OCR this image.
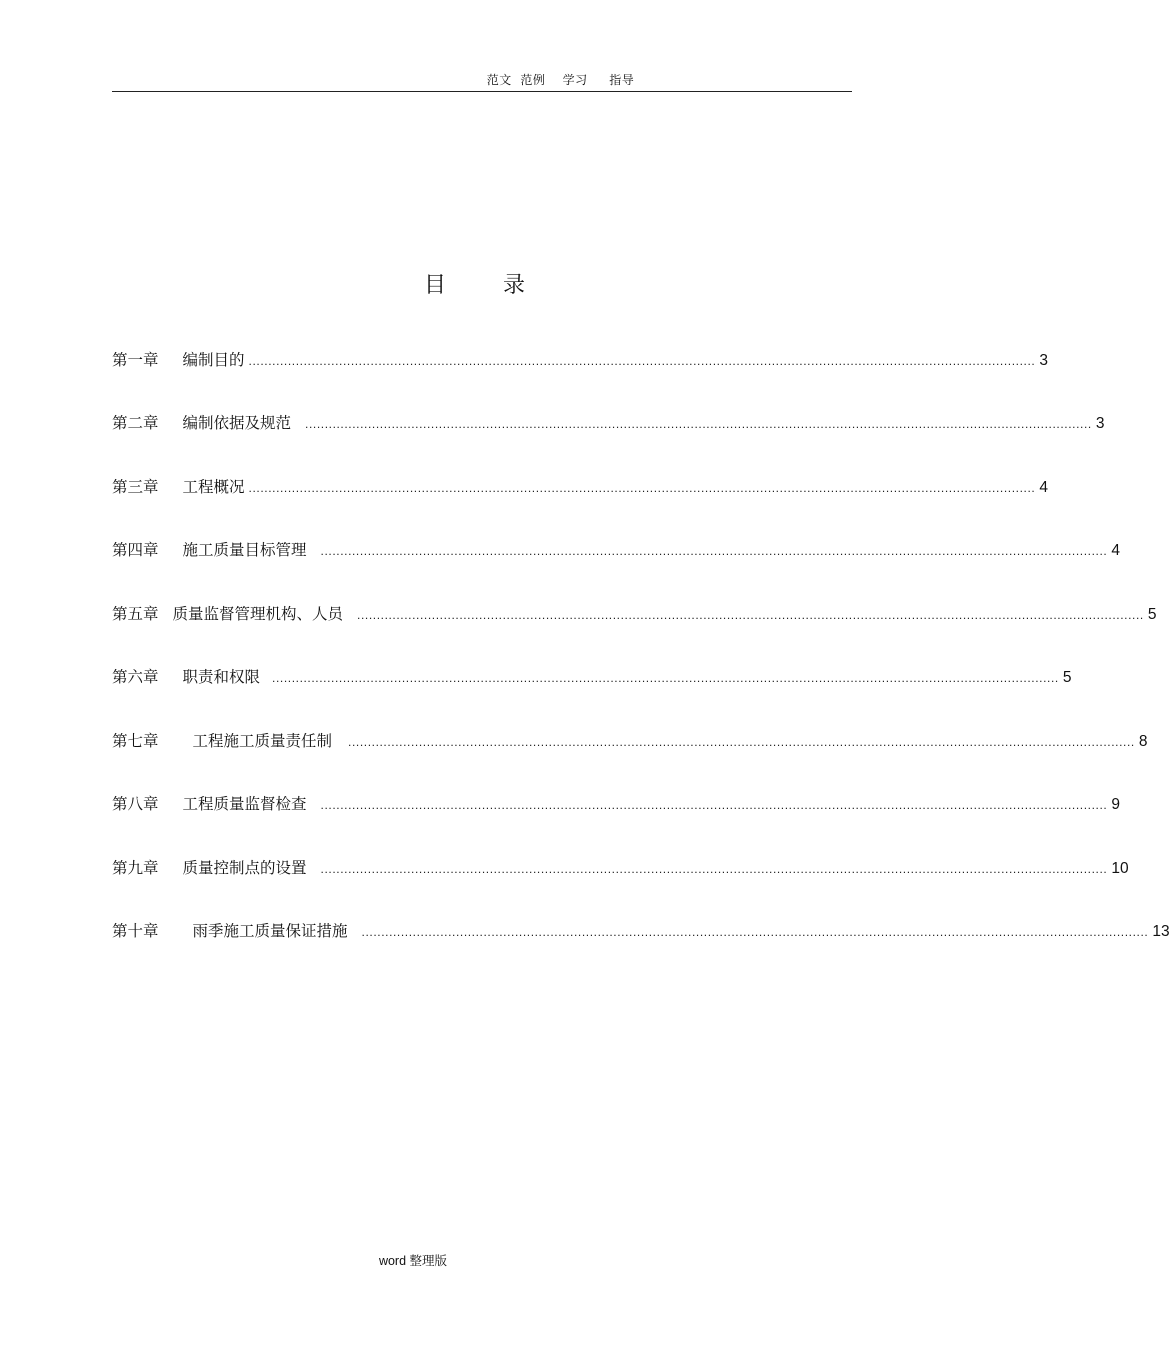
范文  范例    学习     指导
目	录
第一章 编制目的 ........................................................................................................................................................................................................ 3
第二章 编制依据及规范 ........................................................................................................................................................................................................ 3
第三章 工程概况 ........................................................................................................................................................................................................ 4
第四章 施工质量目标管理 ........................................................................................................................................................................................................ 4
第五章 质量监督管理机构、人员 ........................................................................................................................................................................................................ 5
第六章 职责和权限 ........................................................................................................................................................................................................ 5
第七章 工程施工质量责任制 ........................................................................................................................................................................................................ 8
第八章 工程质量监督检查 ........................................................................................................................................................................................................ 9
第九章 质量控制点的设置 ........................................................................................................................................................................................................ 10
第十章 雨季施工质量保证措施 ........................................................................................................................................................................................................ 13
word 整理版
